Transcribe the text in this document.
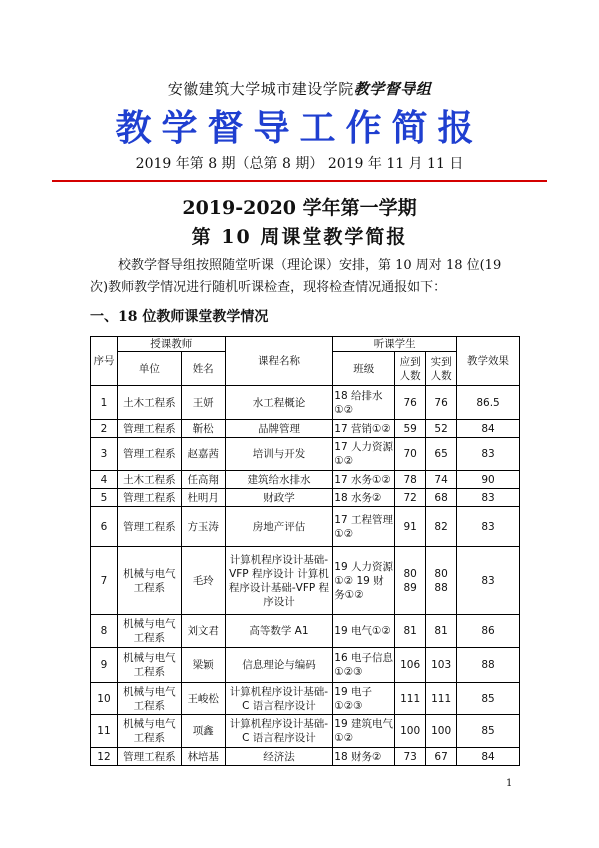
安徽建筑大学城市建设学院教学督导组
教学督导工作简报
2019 年第 8 期（总第 8 期） 2019 年 11 月 11 日
2019-2020 学年第一学期
第 10 周课堂教学简报
校教学督导组按照随堂听课（理论课）安排，第 10 周对 18 位(19 次)教师教学情况进行随机听课检查，现将检查情况通报如下：
一、18 位教师课堂教学情况
序号	授课教师		课程名称	听课学生			教学效果
	单位	姓名		班级	应到人数	实到人数	
1	土木工程系	王妍	水工程概论	18 给排水①②	76	76	86.5
2	管理工程系	靳松	品牌管理	17 营销①②	59	52	84
3	管理工程系	赵嘉茜	培训与开发	17 人力资源①②	70	65	83
4	土木工程系	任高翔	建筑给水排水	17 水务①②	78	74	90
5	管理工程系	杜明月	财政学	18 水务②	72	68	83
6	管理工程系	方玉涛	房地产评估	17 工程管理①②	91	82	83
7	机械与电气工程系	毛玲	计算机程序设计基础-VFP 程序设计 计算机程序设计基础-VFP 程序设计	19 人力资源①② 19 财务①②	80 89	80 88	83
8	机械与电气工程系	刘文君	高等数学 A1	19 电气①②	81	81	86
9	机械与电气工程系	梁颖	信息理论与编码	16 电子信息①②③	106	103	88
10	机械与电气工程系	王峻松	计算机程序设计基础-C 语言程序设计	19 电子①②③	111	111	85
11	机械与电气工程系	项鑫	计算机程序设计基础-C 语言程序设计	19 建筑电气①②	100	100	85
12	管理工程系	林培基	经济法	18 财务②	73	67	84
1
